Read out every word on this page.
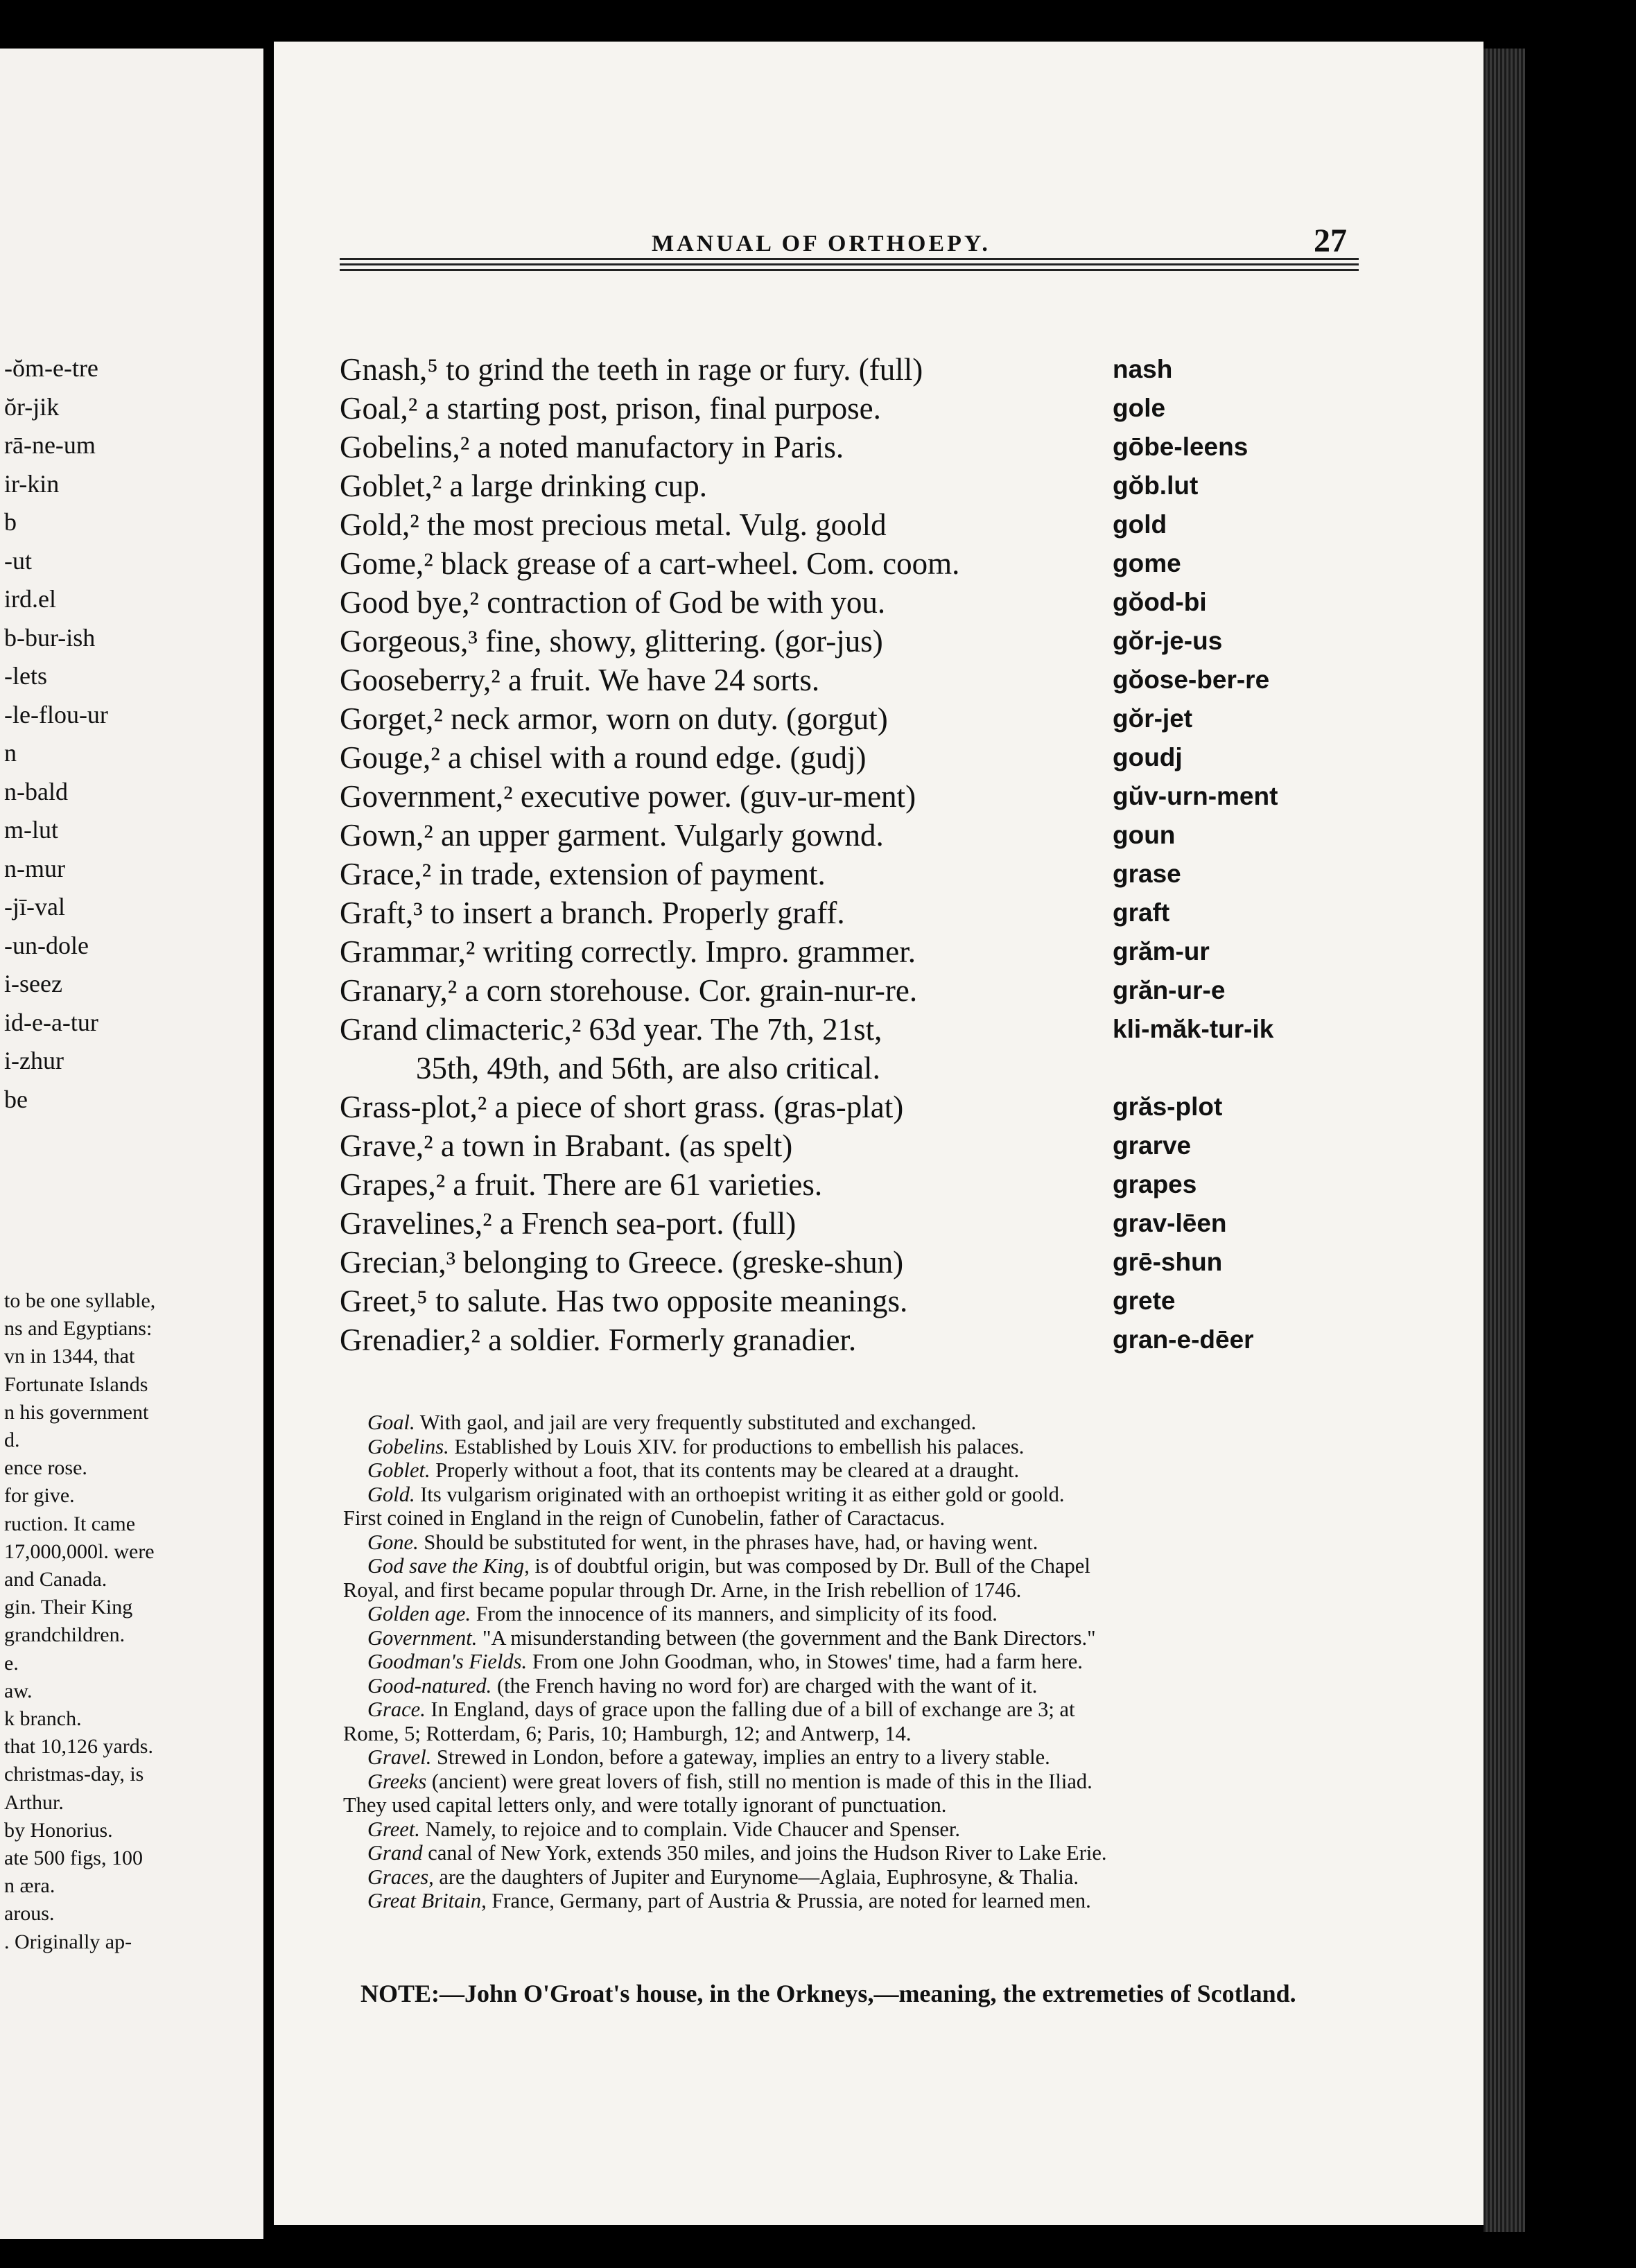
-ŏm-e-tre
ŏr-jik
rā-ne-um
ir-kin
b
-ut
ird.el
b-bur-ish
-lets
-le-flou-ur
n
n-bald
m-lut
n-mur
-jī-val
-un-dole
i-seez
id-e-a-tur
i-zhur
be
to be one syllable,
ns and Egyptians:
vn in 1344, that
Fortunate Islands
n his government
d.
ence rose.
for give.
ruction. It came
17,000,000l. were
and Canada.
gin. Their King
grandchildren.
e.
aw.
k branch.
that 10,126 yards.
christmas-day, is
Arthur.
by Honorius.
ate 500 figs, 100
n æra.
arous.
. Originally ap-
MANUAL OF ORTHOEPY.	27
Gnash,⁵ to grind the teeth in rage or fury. (full)	nash
Goal,² a starting post, prison, final purpose.	gole
Gobelins,² a noted manufactory in Paris.	gōbe-leens
Goblet,² a large drinking cup.	gŏb.lut
Gold,² the most precious metal. Vulg. goold	gold
Gome,² black grease of a cart-wheel. Com. coom.	gome
Good bye,² contraction of God be with you.	gŏod-bi
Gorgeous,³ fine, showy, glittering. (gor-jus)	gŏr-je-us
Gooseberry,² a fruit. We have 24 sorts.	gŏose-ber-re
Gorget,² neck armor, worn on duty. (gorgut)	gŏr-jet
Gouge,² a chisel with a round edge. (gudj)	goudj
Government,² executive power. (guv-ur-ment)	gŭv-urn-ment
Gown,² an upper garment. Vulgarly gownd.	goun
Grace,² in trade, extension of payment.	grase
Graft,³ to insert a branch. Properly graff.	graft
Grammar,² writing correctly. Impro. grammer.	grăm-ur
Granary,² a corn storehouse. Cor. grain-nur-re.	grăn-ur-e
Grand climacteric,² 63d year. The 7th, 21st,	kli-măk-tur-ik
35th, 49th, and 56th, are also critical.
Grass-plot,² a piece of short grass. (gras-plat)	grăs-plot
Grave,² a town in Brabant. (as spelt)	grarve
Grapes,² a fruit. There are 61 varieties.	grapes
Gravelines,² a French sea-port. (full)	grav-lēen
Grecian,³ belonging to Greece. (greske-shun)	grē-shun
Greet,⁵ to salute. Has two opposite meanings.	grete
Grenadier,² a soldier. Formerly granadier.	gran-e-dēer
Goal. With gaol, and jail are very frequently substituted and exchanged.
Gobelins. Established by Louis XIV. for productions to embellish his palaces.
Goblet. Properly without a foot, that its contents may be cleared at a draught.
Gold. Its vulgarism originated with an orthoepist writing it as either gold or goold.
First coined in England in the reign of Cunobelin, father of Caractacus.
Gone. Should be substituted for went, in the phrases have, had, or having went.
God save the King, is of doubtful origin, but was composed by Dr. Bull of the Chapel
Royal, and first became popular through Dr. Arne, in the Irish rebellion of 1746.
Golden age. From the innocence of its manners, and simplicity of its food.
Government. "A misunderstanding between (the government and the Bank Directors."
Goodman's Fields. From one John Goodman, who, in Stowes' time, had a farm here.
Good-natured. (the French having no word for) are charged with the want of it.
Grace. In England, days of grace upon the falling due of a bill of exchange are 3; at
Rome, 5; Rotterdam, 6; Paris, 10; Hamburgh, 12; and Antwerp, 14.
Gravel. Strewed in London, before a gateway, implies an entry to a livery stable.
Greeks (ancient) were great lovers of fish, still no mention is made of this in the Iliad.
They used capital letters only, and were totally ignorant of punctuation.
Greet. Namely, to rejoice and to complain. Vide Chaucer and Spenser.
Grand canal of New York, extends 350 miles, and joins the Hudson River to Lake Erie.
Graces, are the daughters of Jupiter and Eurynome—Aglaia, Euphrosyne, & Thalia.
Great Britain, France, Germany, part of Austria & Prussia, are noted for learned men.
NOTE:—John O'Groat's house, in the Orkneys,—meaning, the extremeties of Scotland.
